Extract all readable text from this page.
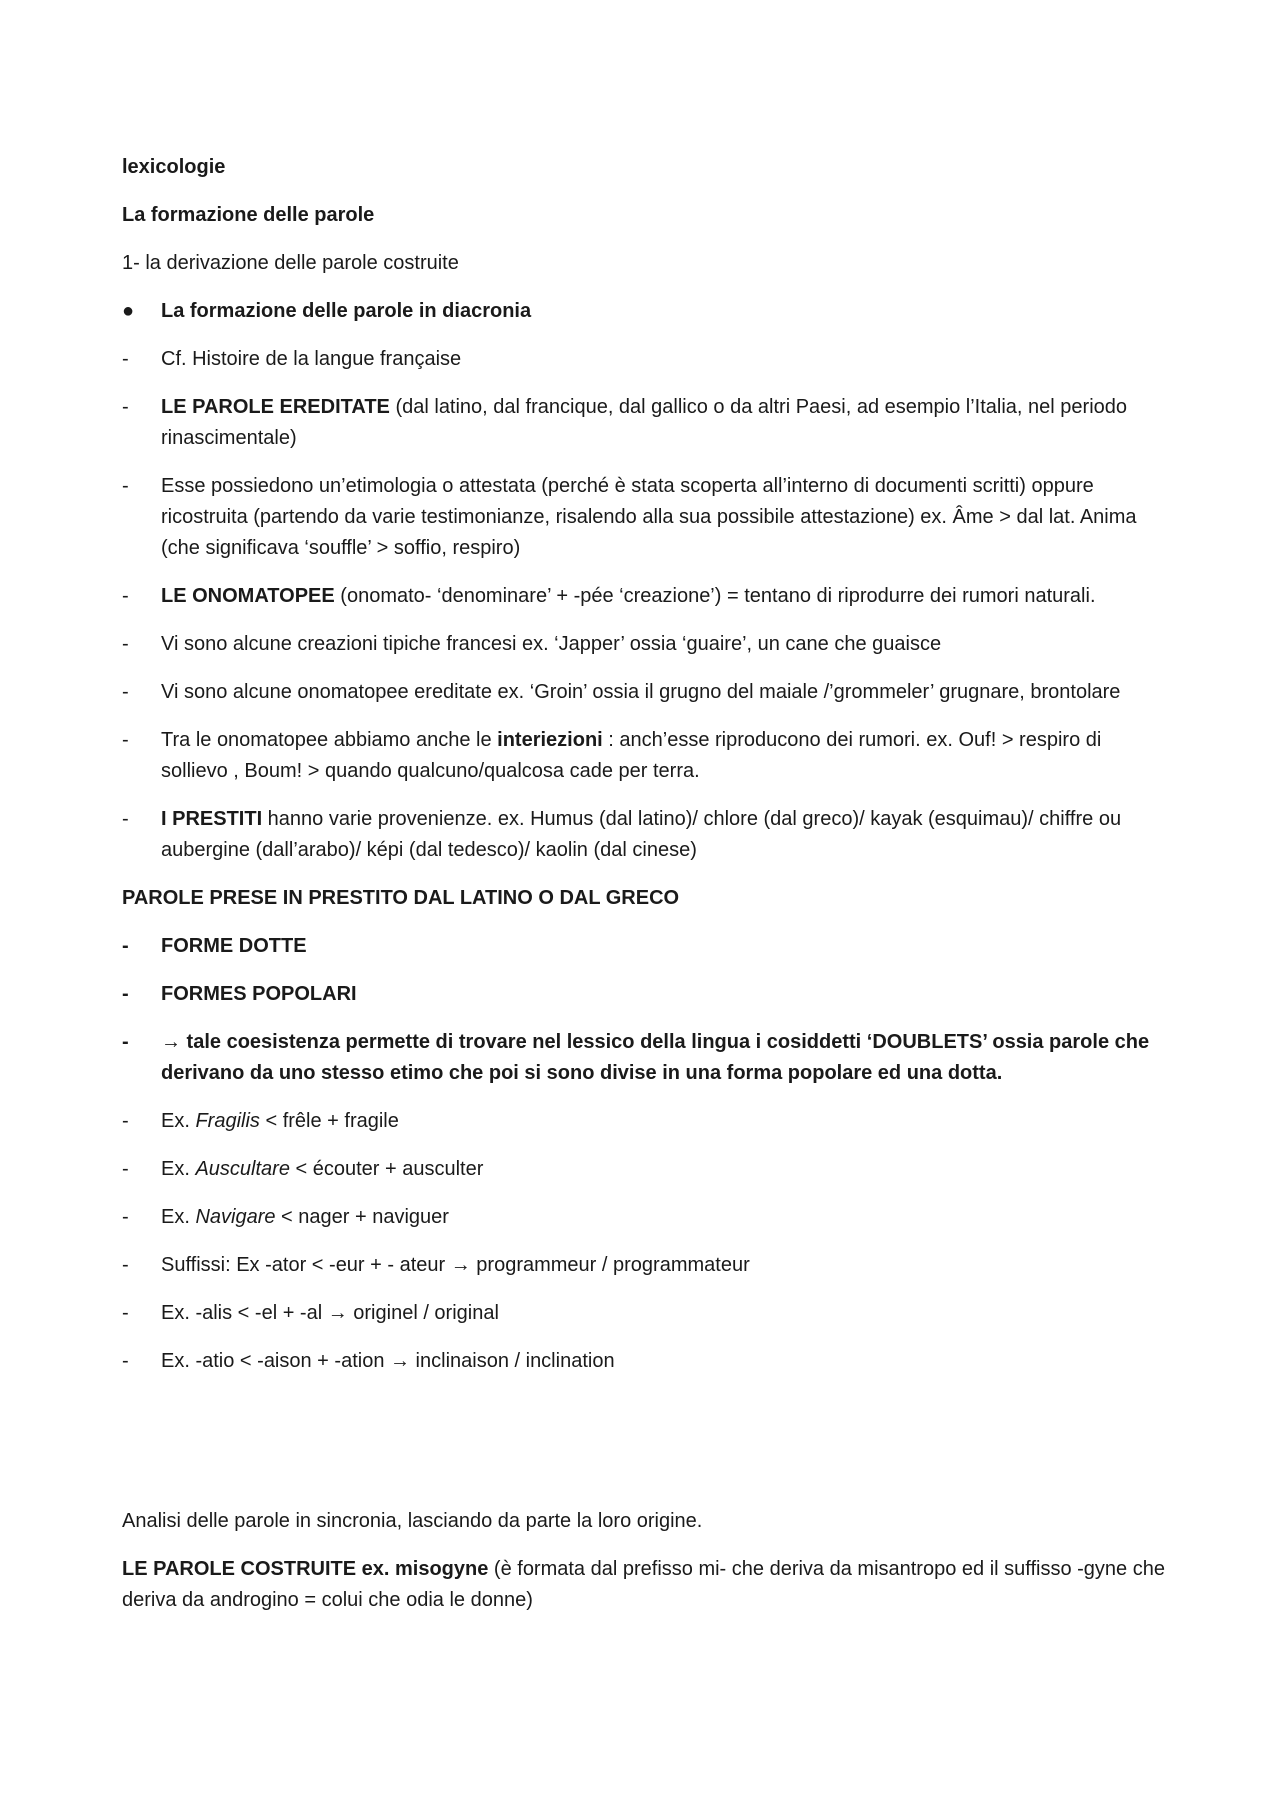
lexicologie

La formazione delle parole

1- la derivazione delle parole costruite

●	La formazione delle parole in diacronia
-	Cf. Histoire de la langue française
-	LE PAROLE EREDITATE (dal latino, dal francique, dal gallico o da altri Paesi, ad esempio l’Italia, nel periodo rinascimentale)
-	Esse possiedono un’etimologia o attestata (perché è stata scoperta all’interno di documenti scritti) oppure ricostruita (partendo da varie testimonianze, risalendo alla sua possibile attestazione) ex. Âme > dal lat. Anima (che significava ‘souffle’ > soffio, respiro)
-	LE ONOMATOPEE (onomato- ‘denominare’ + -pée ‘creazione’) = tentano di riprodurre dei rumori naturali.
-	Vi sono alcune creazioni tipiche francesi ex. ‘Japper’ ossia ‘guaire’, un cane che guaisce
-	Vi sono alcune onomatopee ereditate ex. ‘Groin’ ossia il grugno del maiale /’grommeler’ grugnare, brontolare
-	Tra le onomatopee abbiamo anche le interiezioni : anch’esse riproducono dei rumori. ex. Ouf! > respiro di sollievo , Boum! > quando qualcuno/qualcosa cade per terra.
-	I PRESTITI hanno varie provenienze. ex. Humus (dal latino)/ chlore (dal greco)/ kayak (esquimau)/ chiffre ou aubergine (dall’arabo)/ képi (dal tedesco)/ kaolin (dal cinese)

PAROLE PRESE IN PRESTITO DAL LATINO O DAL GRECO

-	FORME DOTTE
-	FORMES POPOLARI
-	→ tale coesistenza permette di trovare nel lessico della lingua i cosiddetti ‘DOUBLETS’ ossia parole che derivano da uno stesso etimo che poi si sono divise in una forma popolare ed una dotta.
-	Ex. Fragilis < frêle + fragile
-	Ex. Auscultare < écouter + ausculter
-	Ex. Navigare < nager + naviguer
-	Suffissi: Ex -ator < -eur + - ateur → programmeur / programmateur
-	Ex. -alis < -el + -al → originel / original
-	Ex. -atio < -aison + -ation → inclinaison / inclination

Analisi delle parole in sincronia, lasciando da parte la loro origine.

LE PAROLE COSTRUITE ex. misogyne (è formata dal prefisso mi- che deriva da misantropo ed il suffisso -gyne che deriva da androgino = colui che odia le donne)
